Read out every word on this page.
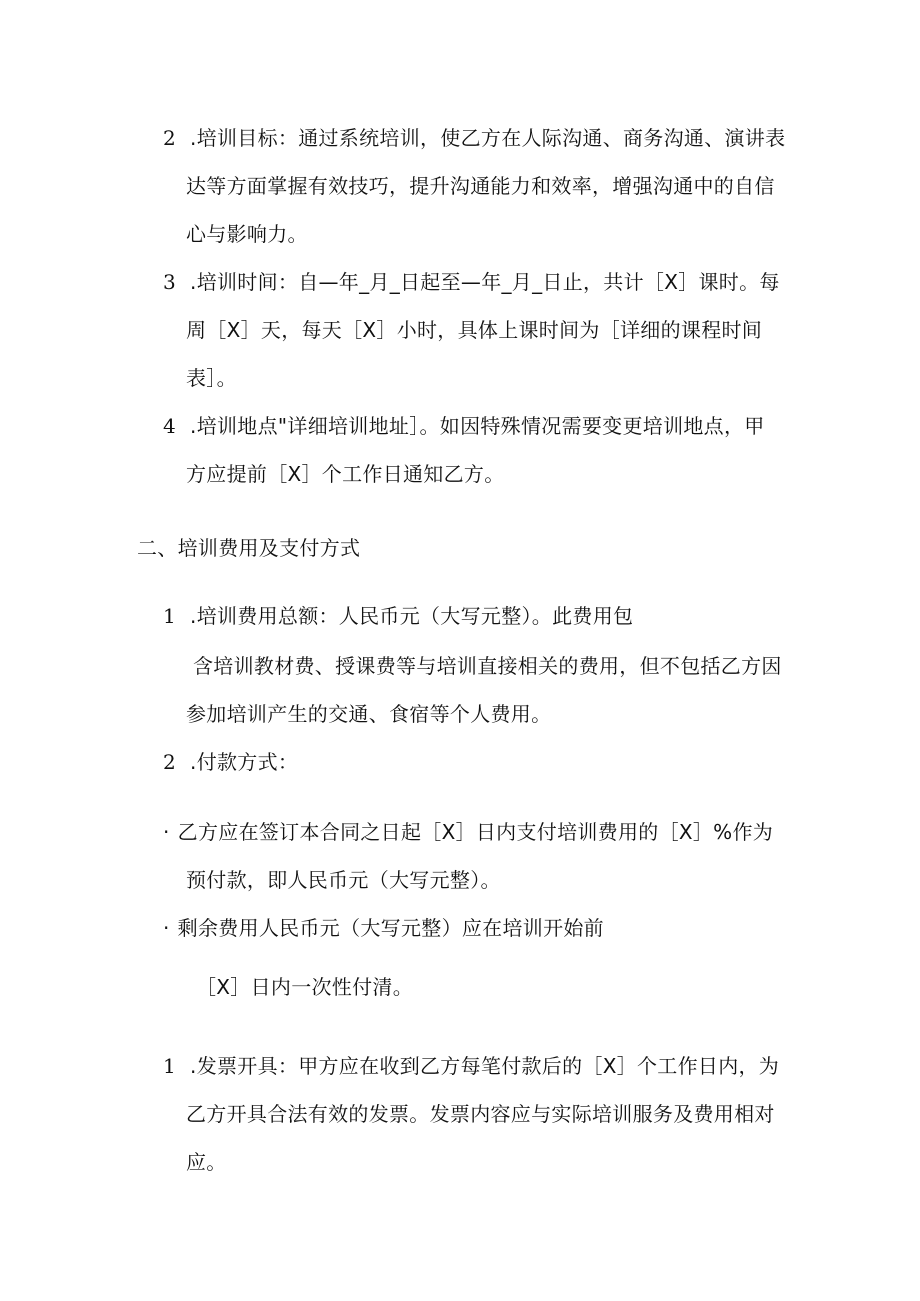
2 .培训目标：通过系统培训，使乙方在人际沟通、商务沟通、演讲表
达等方面掌握有效技巧，提升沟通能力和效率，增强沟通中的自信
心与影响力。
3 .培训时间：自—年_月_日起至—年_月_日止，共计［X］课时。每
周［X］天，每天［X］小时，具体上课时间为［详细的课程时间
表］。
4 .培训地点"详细培训地址］。如因特殊情况需要变更培训地点，甲
方应提前［X］个工作日通知乙方。
二、培训费用及支付方式
1 .培训费用总额：人民币元（大写元整）。此费用包
含培训教材费、授课费等与培训直接相关的费用，但不包括乙方因
参加培训产生的交通、食宿等个人费用。
2 .付款方式：
· 乙方应在签订本合同之日起［X］日内支付培训费用的［X］%作为
预付款，即人民币元（大写元整）。
· 剩余费用人民币元（大写元整）应在培训开始前
［X］日内一次性付清。
1 .发票开具：甲方应在收到乙方每笔付款后的［X］个工作日内，为
乙方开具合法有效的发票。发票内容应与实际培训服务及费用相对
应。
